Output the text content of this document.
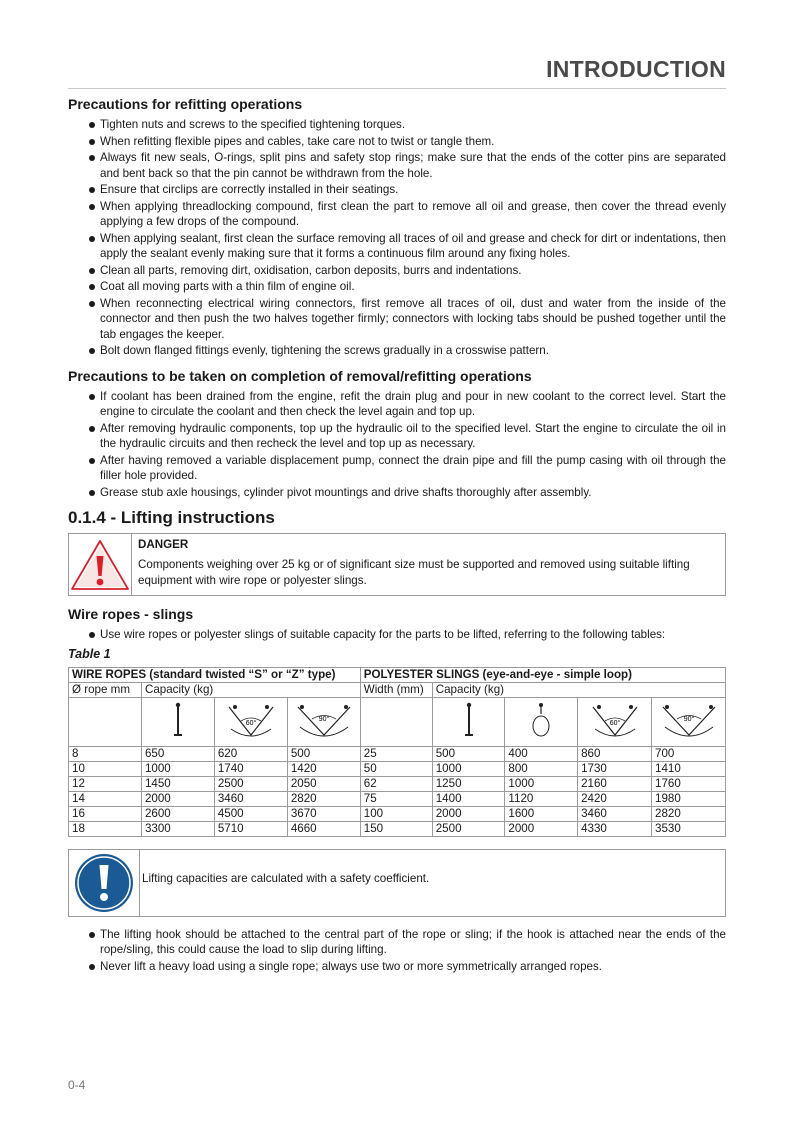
INTRODUCTION
Precautions for refitting operations
Tighten nuts and screws to the specified tightening torques.
When refitting flexible pipes and cables, take care not to twist or tangle them.
Always fit new seals, O-rings, split pins and safety stop rings; make sure that the ends of the cotter pins are separated and bent back so that the pin cannot be withdrawn from the hole.
Ensure that circlips are correctly installed in their seatings.
When applying threadlocking compound, first clean the part to remove all oil and grease, then cover the thread evenly applying a few drops of the compound.
When applying sealant, first clean the surface removing all traces of oil and grease and check for dirt or indentations, then apply the sealant evenly making sure that it forms a continuous film around any fixing holes.
Clean all parts, removing dirt, oxidisation, carbon deposits, burrs and indentations.
Coat all moving parts with a thin film of engine oil.
When reconnecting electrical wiring connectors, first remove all traces of oil, dust and water from the inside of the connector and then push the two halves together firmly; connectors with locking tabs should be pushed together until the tab engages the keeper.
Bolt down flanged fittings evenly, tightening the screws gradually in a crosswise pattern.
Precautions to be taken on completion of removal/refitting operations
If coolant has been drained from the engine, refit the drain plug and pour in new coolant to the correct level. Start the engine to circulate the coolant and then check the level again and top up.
After removing hydraulic components, top up the hydraulic oil to the specified level. Start the engine to circulate the oil in the hydraulic circuits and then recheck the level and top up as necessary.
After having removed a variable displacement pump, connect the drain pipe and fill the pump casing with oil through the filler hole provided.
Grease stub axle housings, cylinder pivot mountings and drive shafts thoroughly after assembly.
0.1.4 - Lifting instructions
DANGER
Components weighing over 25 kg or of significant size must be supported and removed using suitable lifting equipment with wire rope or polyester slings.
Wire ropes - slings
Use wire ropes or polyester slings of suitable capacity for the parts to be lifted, referring to the following tables:
Table 1
WIRE ROPES (standard twisted “S” or “Z” type)				POLYESTER SLINGS (eye-and-eye - simple loop)				
Ø rope mm	Capacity (kg)			Width (mm)	Capacity (kg)			

60°	90°				60°	90°

8	650	620	500	25	500	400	860	700
10	1000	1740	1420	50	1000	800	1730	1410
12	1450	2500	2050	62	1250	1000	2160	1760
14	2000	3460	2820	75	1400	1120	2420	1980
16	2600	4500	3670	100	2000	1600	3460	2820
18	3300	5710	4660	150	2500	2000	4330	3530
Lifting capacities are calculated with a safety coefficient.
The lifting hook should be attached to the central part of the rope or sling; if the hook is attached near the ends of the rope/sling, this could cause the load to slip during lifting.
Never lift a heavy load using a single rope; always use two or more symmetrically arranged ropes.
0-4
